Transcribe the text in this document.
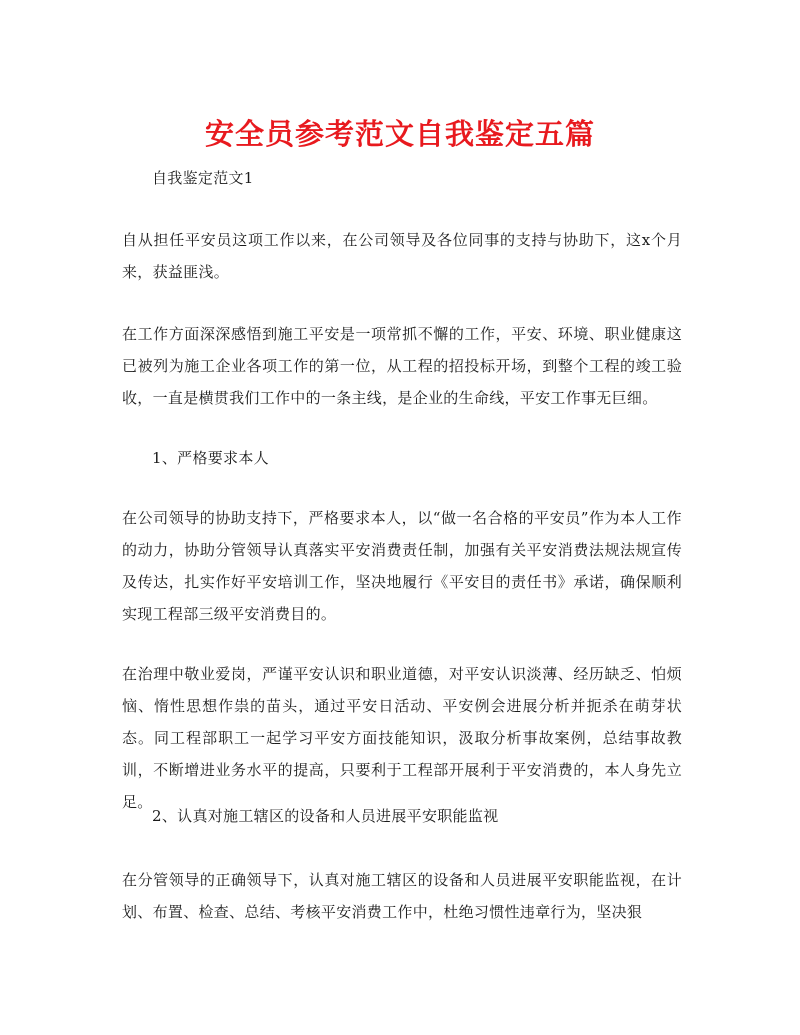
安全员参考范文自我鉴定五篇

自我鉴定范文1

自从担任平安员这项工作以来，在公司领导及各位同事的支持与协助下，这x个月来，获益匪浅。

在工作方面深深感悟到施工平安是一项常抓不懈的工作，平安、环境、职业健康这已被列为施工企业各项工作的第一位，从工程的招投标开场，到整个工程的竣工验收，一直是横贯我们工作中的一条主线，是企业的生命线，平安工作事无巨细。

1、严格要求本人

在公司领导的协助支持下，严格要求本人，以“做一名合格的平安员”作为本人工作的动力，协助分管领导认真落实平安消费责任制，加强有关平安消费法规法规宣传及传达，扎实作好平安培训工作，坚决地履行《平安目的责任书》承诺，确保顺利实现工程部三级平安消费目的。

在治理中敬业爱岗，严谨平安认识和职业道德，对平安认识淡薄、经历缺乏、怕烦恼、惰性思想作祟的苗头，通过平安日活动、平安例会进展分析并扼杀在萌芽状态。同工程部职工一起学习平安方面技能知识，汲取分析事故案例，总结事故教训，不断增进业务水平的提高，只要利于工程部开展利于平安消费的，本人身先立足。

2、认真对施工辖区的设备和人员进展平安职能监视

在分管领导的正确领导下，认真对施工辖区的设备和人员进展平安职能监视，在计划、布置、检查、总结、考核平安消费工作中，杜绝习惯性违章行为，坚决狠
